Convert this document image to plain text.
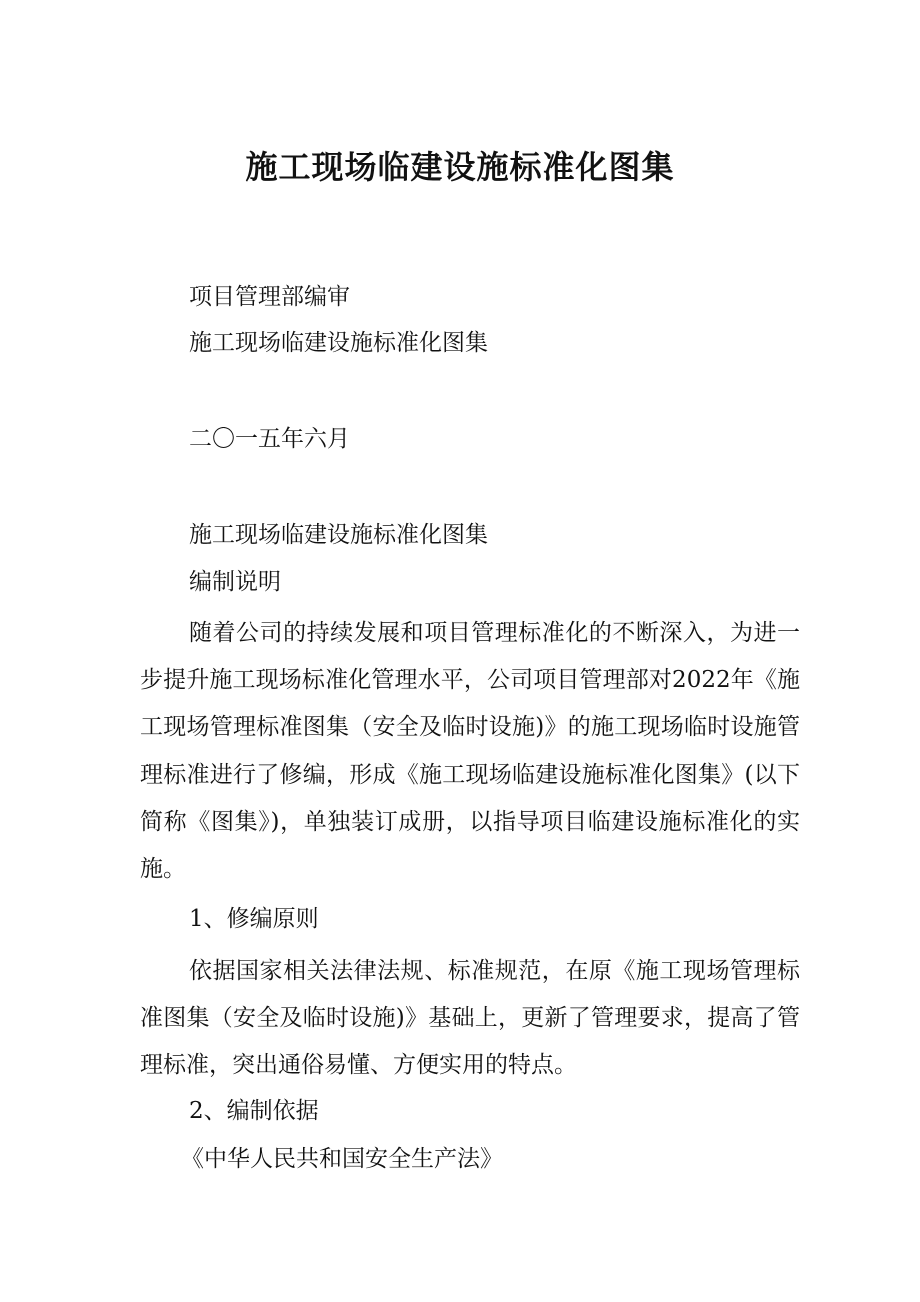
施工现场临建设施标准化图集
项目管理部编审
施工现场临建设施标准化图集
二〇一五年六月
施工现场临建设施标准化图集
编制说明
随着公司的持续发展和项目管理标准化的不断深入，为进一步提升施工现场标准化管理水平，公司项目管理部对2022年《施工现场管理标准图集（安全及临时设施)》的施工现场临时设施管理标准进行了修编，形成《施工现场临建设施标准化图集》(以下简称《图集》)，单独装订成册，以指导项目临建设施标准化的实施。
1、修编原则
依据国家相关法律法规、标准规范，在原《施工现场管理标准图集（安全及临时设施)》基础上，更新了管理要求，提高了管理标准，突出通俗易懂、方便实用的特点。
2、编制依据
《中华人民共和国安全生产法》
